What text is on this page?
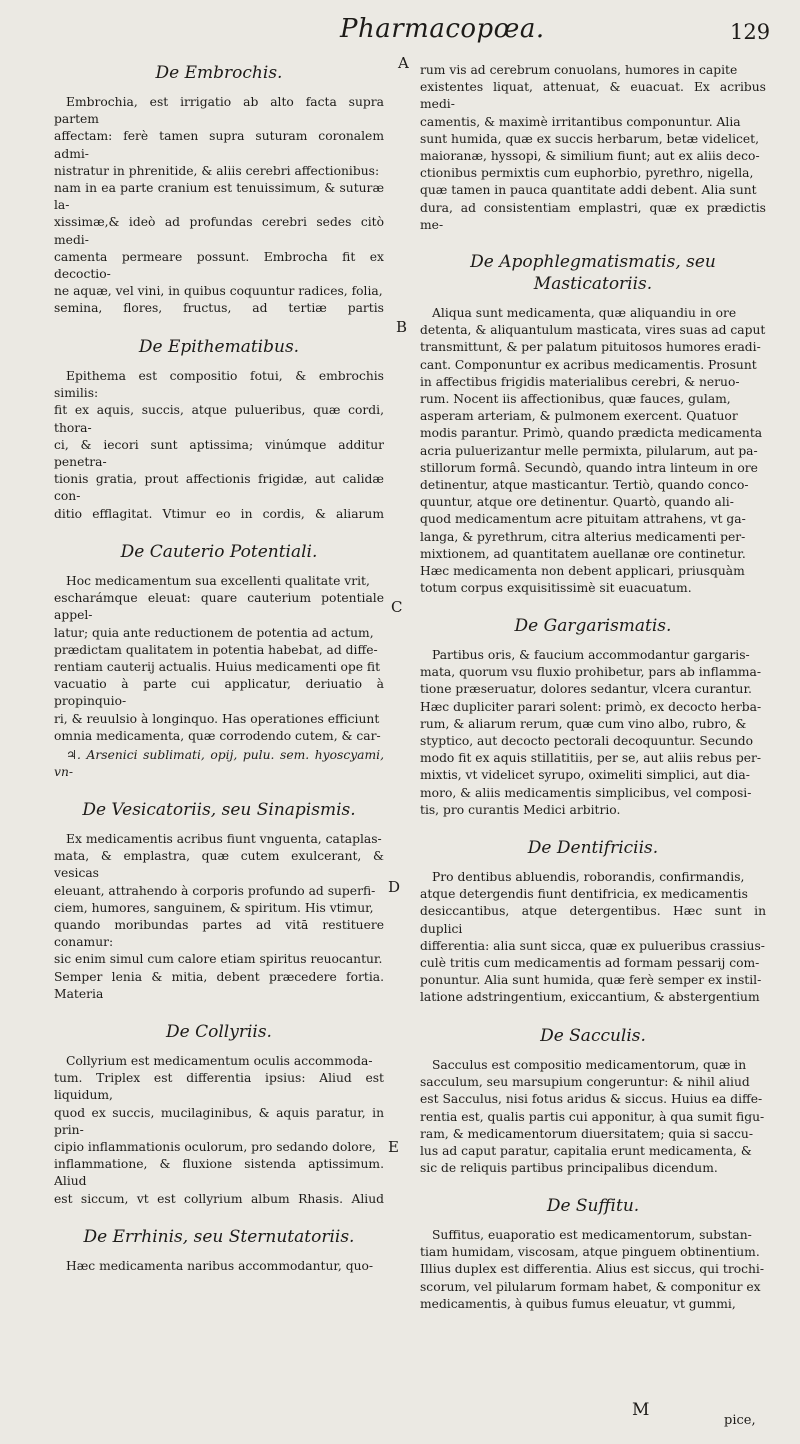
Pharmacopœa.	129
A
B
C
D
E
De Embrochis.

Embrochia, est irrigatio ab alto facta supra partem
affectam: ferè tamen supra suturam coronalem admi-
nistratur in phrenitide, & aliis cerebri affectionibus:
nam in ea parte cranium est tenuissimum, & suturæ la-
xissimæ,& ideò ad profundas cerebri sedes citò medi-
camenta permeare possunt. Embrocha fit ex decoctio-
ne aquæ, vel vini, in quibus coquuntur radices, folia,
semina, flores, fructus, ad tertiæ partis

De Epithematibus.

Epithema est compositio fotui, & embrochis similis:
fit ex aquis, succis, atque pulueribus, quæ cordi, thora-
ci, & iecori sunt aptissima; vinúmque additur penetra-
tionis gratia, prout affectionis frigidæ, aut calidæ con-
ditio efflagitat. Vtimur eo in cordis, & aliarum

De Cauterio Potentiali.

Hoc medicamentum sua excellenti qualitate vrit,
escharámque eleuat: quare cauterium potentiale appel-
latur; quia ante reductionem de potentia ad actum,
prædictam qualitatem in potentia habebat, ad diffe-
rentiam cauterij actualis. Huius medicamenti ope fit
vacuatio à parte cui applicatur, deriuatio à propinquio-
ri, & reuulsio à longinquo. Has operationes efficiunt
omnia medicamenta, quæ corrodendo cutem, & car-

♃. Arsenici sublimati, opij, pulu. sem. hyoscyami, vn-

De Vesicatoriis, seu Sinapismis.

Ex medicamentis acribus fiunt vnguenta, cataplas-
mata, & emplastra, quæ cutem exulcerant, & vesicas
eleuant, attrahendo à corporis profundo ad superfi-
ciem, humores, sanguinem, & spiritum. His vtimur,
quando moribundas partes ad vitā restituere conamur:
sic enim simul cum calore etiam spiritus reuocantur.
Semper lenia & mitia, debent præcedere fortia. Materia

De Collyriis.

Collyrium est medicamentum oculis accommoda-
tum. Triplex est differentia ipsius: Aliud est liquidum,
quod ex succis, mucilaginibus, & aquis paratur, in prin-
cipio inflammationis oculorum, pro sedando dolore,
inflammatione, & fluxione sistenda aptissimum. Aliud
est siccum, vt est collyrium album Rhasis. Aliud

De Errhinis, seu Sternutatoriis.

Hæc medicamenta naribus accommodantur, quo-

rum vis ad cerebrum conuolans, humores in capite
existentes liquat, attenuat, & euacuat. Ex acribus medi-
camentis, & maximè irritantibus componuntur. Alia
sunt humida, quæ ex succis herbarum, betæ videlicet,
maioranæ, hyssopi, & similium fiunt; aut ex aliis deco-
ctionibus permixtis cum euphorbio, pyrethro, nigella,
quæ tamen in pauca quantitate addi debent. Alia sunt
dura, ad consistentiam emplastri, quæ ex prædictis me-

De Apophlegmatismatis, seu Masticatoriis.

Aliqua sunt medicamenta, quæ aliquandiu in ore
detenta, & aliquantulum masticata, vires suas ad caput
transmittunt, & per palatum pituitosos humores eradi-
cant. Componuntur ex acribus medicamentis. Prosunt
in affectibus frigidis materialibus cerebri, & neruo-
rum. Nocent iis affectionibus, quæ fauces, gulam,
asperam arteriam, & pulmonem exercent. Quatuor
modis parantur. Primò, quando prædicta medicamenta
acria puluerizantur melle permixta, pilularum, aut pa-
stillorum formâ. Secundò, quando intra linteum in ore
detinentur, atque masticantur. Tertiò, quando conco-
quuntur, atque ore detinentur. Quartò, quando ali-
quod medicamentum acre pituitam attrahens, vt ga-
langa, & pyrethrum, citra alterius medicamenti per-
mixtionem, ad quantitatem auellanæ ore continetur.
Hæc medicamenta non debent applicari, priusquàm
totum corpus exquisitissimè sit euacuatum.

De Gargarismatis.

Partibus oris, & faucium accommodantur gargaris-
mata, quorum vsu fluxio prohibetur, pars ab inflamma-
tione præseruatur, dolores sedantur, vlcera curantur.
Hæc dupliciter parari solent: primò, ex decocto herba-
rum, & aliarum rerum, quæ cum vino albo, rubro, &
styptico, aut decocto pectorali decoquuntur. Secundo
modo fit ex aquis stillatitiis, per se, aut aliis rebus per-
mixtis, vt videlicet syrupo, oximeliti simplici, aut dia-
moro, & aliis medicamentis simplicibus, vel composi-
tis, pro curantis Medici arbitrio.

De Dentifriciis.

Pro dentibus abluendis, roborandis, confirmandis,
atque detergendis fiunt dentifricia, ex medicamentis
desiccantibus, atque detergentibus. Hæc sunt in duplici
differentia: alia sunt sicca, quæ ex pulueribus crassius-
culè tritis cum medicamentis ad formam pessarij com-
ponuntur. Alia sunt humida, quæ ferè semper ex instil-
latione adstringentium, exiccantium, & abstergentium

De Sacculis.

Sacculus est compositio medicamentorum, quæ in
sacculum, seu marsupium congeruntur: & nihil aliud
est Sacculus, nisi fotus aridus & siccus. Huius ea diffe-
rentia est, qualis partis cui apponitur, à qua sumit figu-
ram, & medicamentorum diuersitatem; quia si saccu-
lus ad caput paratur, capitalia erunt medicamenta, &
sic de reliquis partibus principalibus dicendum.

De Suffitu.

Suffitus, euaporatio est medicamentorum, substan-
tiam humidam, viscosam, atque pinguem obtinentium.
Illius duplex est differentia. Alius est siccus, qui trochi-
scorum, vel pilularum formam habet, & componitur ex
medicamentis, à quibus fumus eleuatur, vt gummi,

M
pice,
